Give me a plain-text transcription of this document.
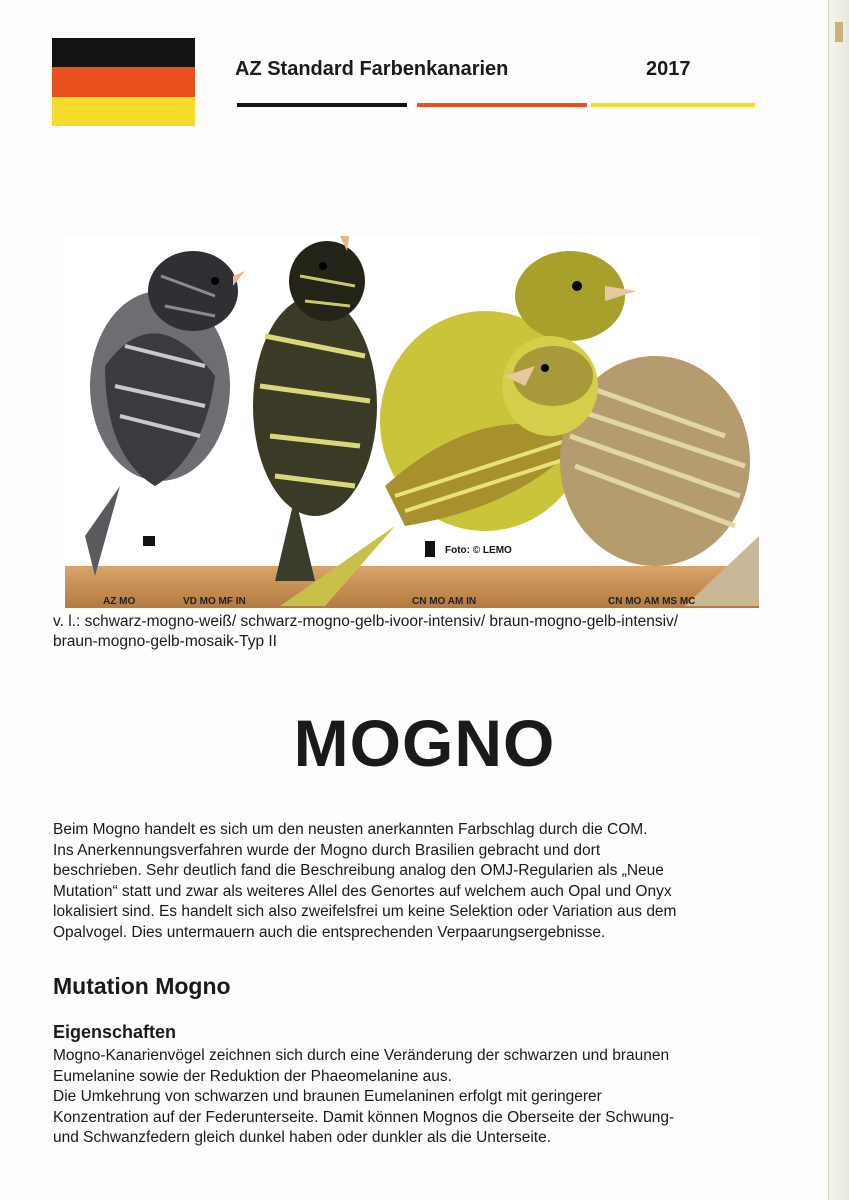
AZ Standard Farbenkanarien	2017
AZ MO	VD MO MF IN	CN MO AM IN	CN MO AM MS MC
Foto: © LEMO
v. l.: schwarz-mogno-weiß/ schwarz-mogno-gelb-ivoor-intensiv/ braun-mogno-gelb-intensiv/
braun-mogno-gelb-mosaik-Typ II
MOGNO

Beim Mogno handelt es sich um den neusten anerkannten Farbschlag durch die COM.

Ins Anerkennungsverfahren wurde der Mogno durch Brasilien gebracht und dort

beschrieben. Sehr deutlich fand die Beschreibung analog den OMJ-Regularien als „Neue

Mutation“ statt und zwar als weiteres Allel des Genortes auf welchem auch Opal und Onyx

lokalisiert sind. Es handelt sich also zweifelsfrei um keine Selektion oder Variation aus dem

Opalvogel. Dies untermauern auch die entsprechenden Verpaarungsergebnisse.

Mutation Mogno
Eigenschaften

Mogno-Kanarienvögel zeichnen sich durch eine Veränderung der schwarzen und braunen

Eumelanine sowie der Reduktion der Phaeomelanine aus.

Die Umkehrung von schwarzen und braunen Eumelaninen erfolgt mit geringerer

Konzentration auf der Federunterseite. Damit können Mognos die Oberseite der Schwung-

und Schwanzfedern gleich dunkel haben oder dunkler als die Unterseite.
